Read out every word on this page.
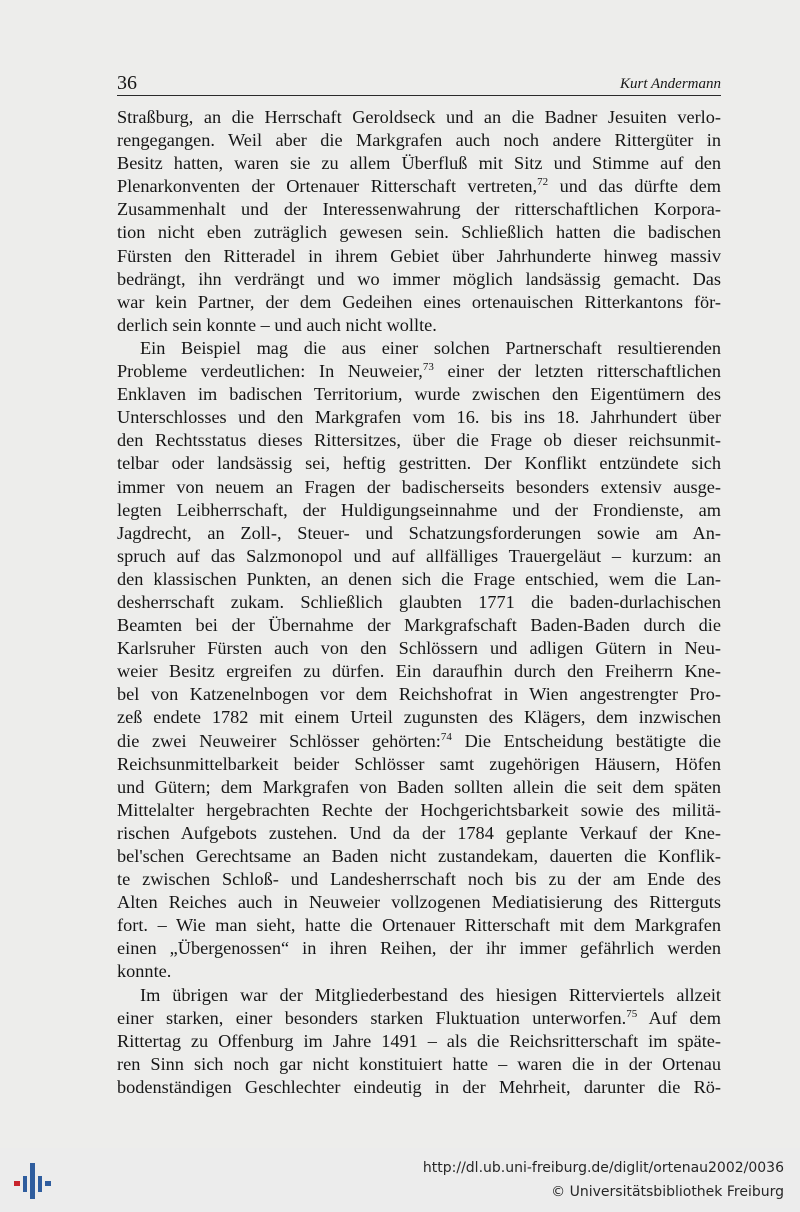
36	Kurt Andermann
Straßburg, an die Herrschaft Geroldseck und an die Badner Jesuiten verlo-
rengegangen. Weil aber die Markgrafen auch noch andere Rittergüter in
Besitz hatten, waren sie zu allem Überfluß mit Sitz und Stimme auf den
Plenarkonventen der Ortenauer Ritterschaft vertreten,$^{72}$ und das dürfte dem
Zusammenhalt und der Interessenwahrung der ritterschaftlichen Korpora-
tion nicht eben zuträglich gewesen sein. Schließlich hatten die badischen
Fürsten den Ritteradel in ihrem Gebiet über Jahrhunderte hinweg massiv
bedrängt, ihn verdrängt und wo immer möglich landsässig gemacht. Das
war kein Partner, der dem Gedeihen eines ortenauischen Ritterkantons för-
derlich sein konnte – und auch nicht wollte.
Ein Beispiel mag die aus einer solchen Partnerschaft resultierenden
Probleme verdeutlichen: In Neuweier,$^{73}$ einer der letzten ritterschaftlichen
Enklaven im badischen Territorium, wurde zwischen den Eigentümern des
Unterschlosses und den Markgrafen vom 16. bis ins 18. Jahrhundert über
den Rechtsstatus dieses Rittersitzes, über die Frage ob dieser reichsunmit-
telbar oder landsässig sei, heftig gestritten. Der Konflikt entzündete sich
immer von neuem an Fragen der badischerseits besonders extensiv ausge-
legten Leibherrschaft, der Huldigungseinnahme und der Frondienste, am
Jagdrecht, an Zoll-, Steuer- und Schatzungsforderungen sowie am An-
spruch auf das Salzmonopol und auf allfälliges Trauergeläut – kurzum: an
den klassischen Punkten, an denen sich die Frage entschied, wem die Lan-
desherrschaft zukam. Schließlich glaubten 1771 die baden-durlachischen
Beamten bei der Übernahme der Markgrafschaft Baden-Baden durch die
Karlsruher Fürsten auch von den Schlössern und adligen Gütern in Neu-
weier Besitz ergreifen zu dürfen. Ein daraufhin durch den Freiherrn Kne-
bel von Katzenelnbogen vor dem Reichshofrat in Wien angestrengter Pro-
zeß endete 1782 mit einem Urteil zugunsten des Klägers, dem inzwischen
die zwei Neuweirer Schlösser gehörten:$^{74}$ Die Entscheidung bestätigte die
Reichsunmittelbarkeit beider Schlösser samt zugehörigen Häusern, Höfen
und Gütern; dem Markgrafen von Baden sollten allein die seit dem späten
Mittelalter hergebrachten Rechte der Hochgerichtsbarkeit sowie des militä-
rischen Aufgebots zustehen. Und da der 1784 geplante Verkauf der Kne-
bel'schen Gerechtsame an Baden nicht zustandekam, dauerten die Konflik-
te zwischen Schloß- und Landesherrschaft noch bis zu der am Ende des
Alten Reiches auch in Neuweier vollzogenen Mediatisierung des Ritterguts
fort. – Wie man sieht, hatte die Ortenauer Ritterschaft mit dem Markgrafen
einen „Übergenossen“ in ihren Reihen, der ihr immer gefährlich werden
konnte.
Im übrigen war der Mitgliederbestand des hiesigen Ritterviertels allzeit
einer starken, einer besonders starken Fluktuation unterworfen.$^{75}$ Auf dem
Rittertag zu Offenburg im Jahre 1491 – als die Reichsritterschaft im späte-
ren Sinn sich noch gar nicht konstituiert hatte – waren die in der Ortenau
bodenständigen Geschlechter eindeutig in der Mehrheit, darunter die Rö-
http://dl.ub.uni-freiburg.de/diglit/ortenau2002/0036
© Universitätsbibliothek Freiburg
